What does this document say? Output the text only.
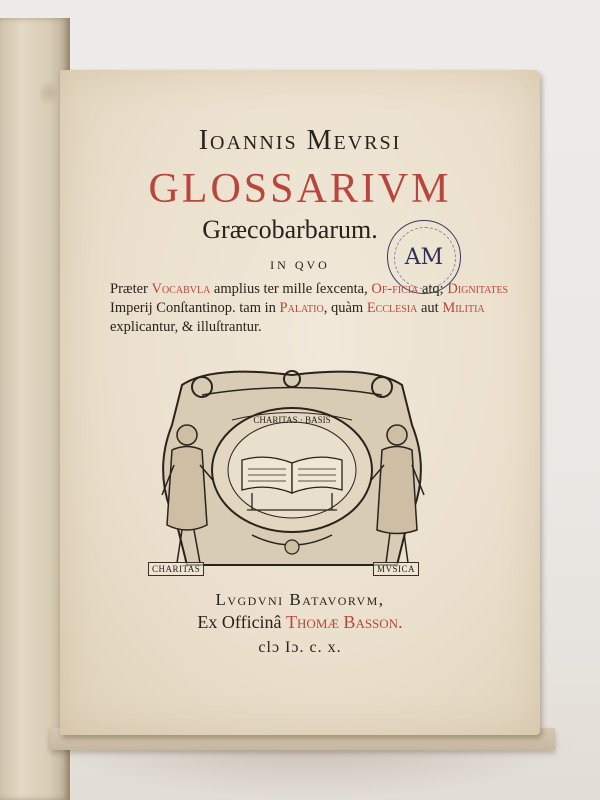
Ioannis Mevrsi
GLOSSARIVM
Græcobarbarum.
AM
IN QVO
Præter Vocabvla amplius ter mille ſexcenta, Of-ficia atq; Dignitates Imperij Conſtantinop. tam in Palatio, quàm Ecclesia aut Militia explicantur, & illuſtrantur.
CHARITAS · BASIS
CHARITAS	MVSICA
Lvgdvni Batavorvm,
Ex Officinâ Thomæ Basson.
clɔ Iɔ. c. x.
